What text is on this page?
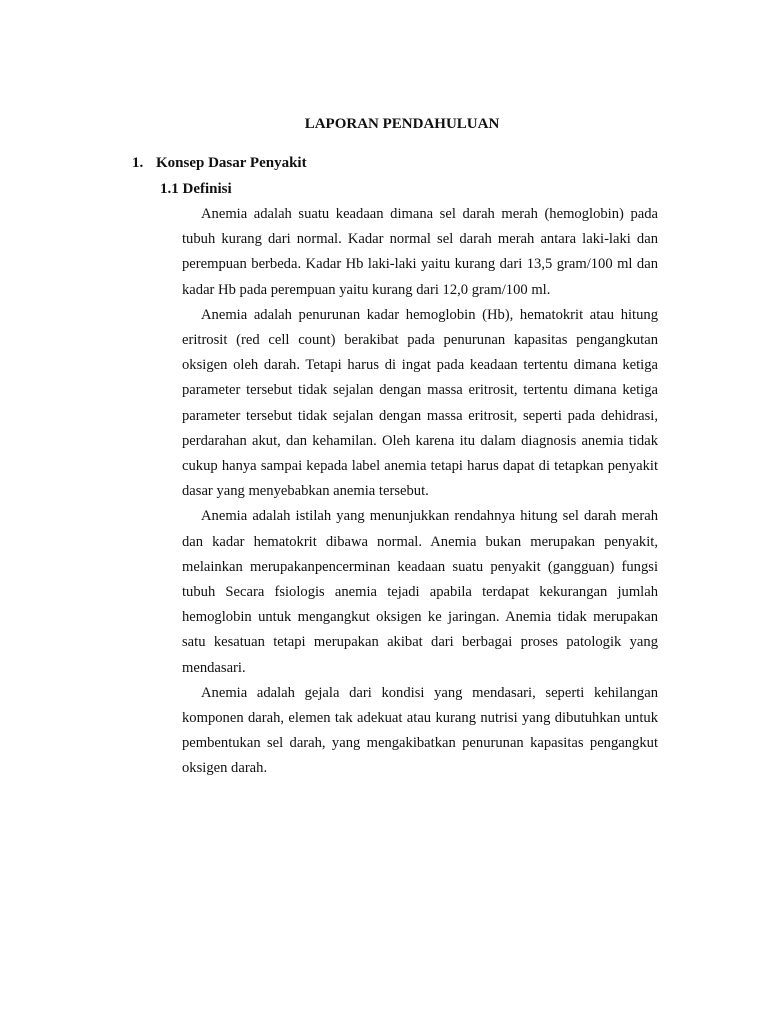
LAPORAN PENDAHULUAN
1. Konsep Dasar Penyakit
1.1 Definisi

Anemia adalah suatu keadaan dimana sel darah merah (hemoglobin) pada tubuh kurang dari normal. Kadar normal sel darah merah antara laki-laki dan perempuan berbeda. Kadar Hb laki-laki yaitu kurang dari 13,5 gram/100 ml dan kadar Hb pada perempuan yaitu kurang dari 12,0 gram/100 ml.

Anemia adalah penurunan kadar hemoglobin (Hb), hematokrit atau hitung eritrosit (red cell count) berakibat pada penurunan kapasitas pengangkutan oksigen oleh darah. Tetapi harus di ingat pada keadaan tertentu dimana ketiga parameter tersebut tidak sejalan dengan massa eritrosit, tertentu dimana ketiga parameter tersebut tidak sejalan dengan massa eritrosit, seperti pada dehidrasi, perdarahan akut, dan kehamilan. Oleh karena itu dalam diagnosis anemia tidak cukup hanya sampai kepada label anemia tetapi harus dapat di tetapkan penyakit dasar yang menyebabkan anemia tersebut.

Anemia adalah istilah yang menunjukkan rendahnya hitung sel darah merah dan kadar hematokrit dibawa normal. Anemia bukan merupakan penyakit, melainkan merupakanpencerminan keadaan suatu penyakit (gangguan) fungsi tubuh Secara fsiologis anemia tejadi apabila terdapat kekurangan jumlah hemoglobin untuk mengangkut oksigen ke jaringan. Anemia tidak merupakan satu kesatuan tetapi merupakan akibat dari berbagai proses patologik yang mendasari.

Anemia adalah gejala dari kondisi yang mendasari, seperti kehilangan komponen darah, elemen tak adekuat atau kurang nutrisi yang dibutuhkan untuk pembentukan sel darah, yang mengakibatkan penurunan kapasitas pengangkut oksigen darah.
